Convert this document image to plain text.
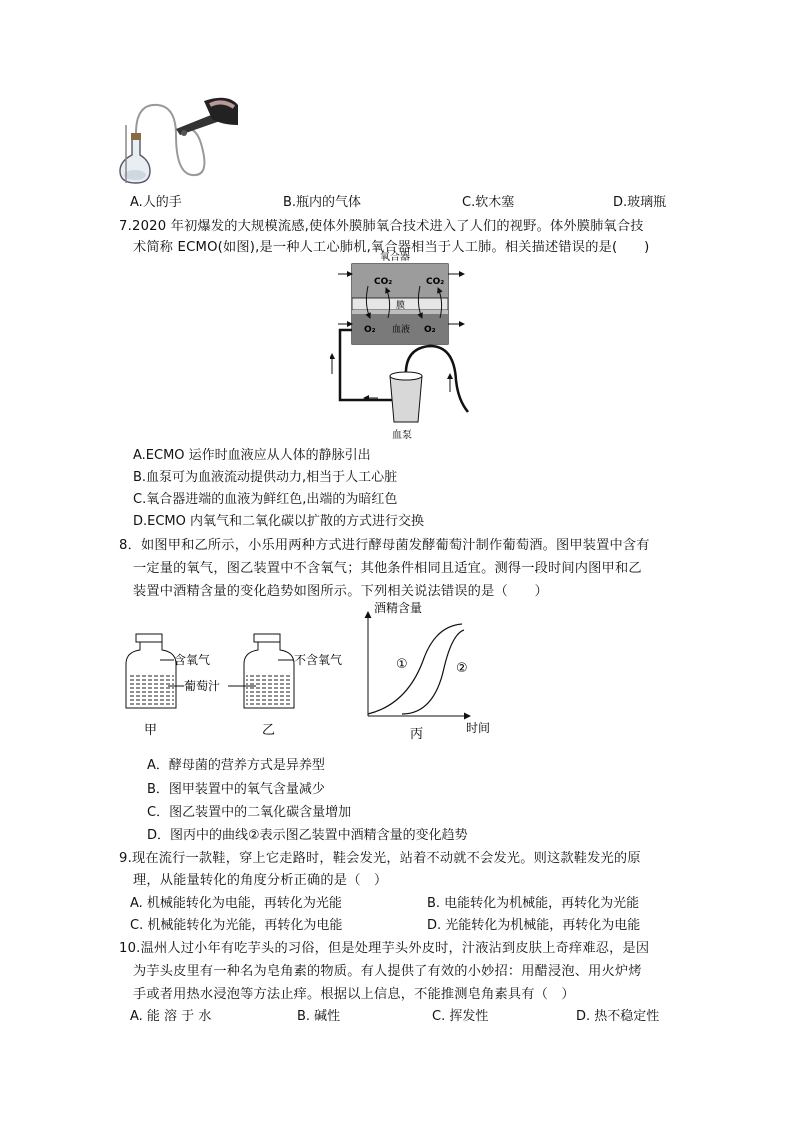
A.人的手	B.瓶内的气体	C.软木塞	D.玻璃瓶
7.2020 年初爆发的大规模流感,使体外膜肺氧合技术进入了人们的视野。体外膜肺氧合技
术简称 ECMO(如图),是一种人工心肺机,氧合器相当于人工肺。相关描述错误的是(　　)
氧合器
CO₂	CO₂
膜
O₂ 血液 O₂
血泵
A.ECMO 运作时血液应从人体的静脉引出
B.血泵可为血液流动提供动力,相当于人工心脏
C.氧合器进端的血液为鲜红色,出端的为暗红色
D.ECMO 内氧气和二氧化碳以扩散的方式进行交换
8．如图甲和乙所示，小乐用两种方式进行酵母菌发酵葡萄汁制作葡萄酒。图甲装置中含有
一定量的氧气，图乙装置中不含氧气；其他条件相同且适宜。测得一段时间内图甲和乙
装置中酒精含量的变化趋势如图所示。下列相关说法错误的是（　　）
含氧气	不含氧气
葡萄汁
甲	乙
酒精含量
时间
丙
①	②
A．酵母菌的营养方式是异养型
B．图甲装置中的氧气含量减少
C．图乙装置中的二氧化碳含量增加
D．图丙中的曲线②表示图乙装置中酒精含量的变化趋势
9.现在流行一款鞋，穿上它走路时，鞋会发光，站着不动就不会发光。则这款鞋发光的原
理，从能量转化的角度分析正确的是（　）
A. 机械能转化为电能，再转化为光能	B. 电能转化为机械能，再转化为光能
C. 机械能转化为光能，再转化为电能	D. 光能转化为机械能，再转化为电能
10.温州人过小年有吃芋头的习俗，但是处理芋头外皮时，汁液沾到皮肤上奇痒难忍，是因
为芋头皮里有一种名为皂角素的物质。有人提供了有效的小妙招：用醋浸泡、用火炉烤
手或者用热水浸泡等方法止痒。根据以上信息，不能推测皂角素具有（　）
A. 能 溶 于 水	B. 碱性	C. 挥发性	D. 热不稳定性
